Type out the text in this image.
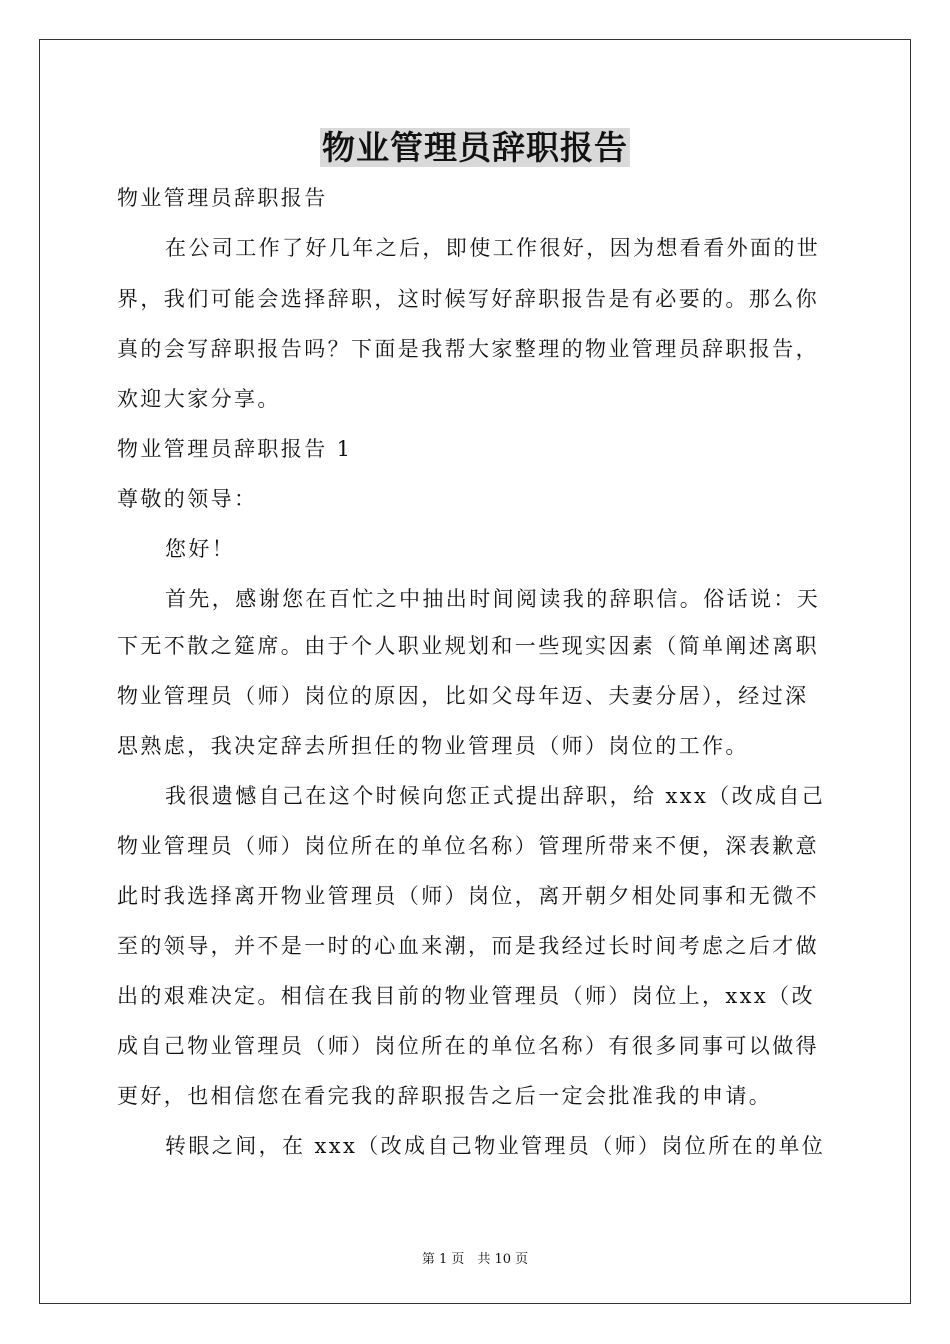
物业管理员辞职报告
物业管理员辞职报告
在公司工作了好几年之后，即使工作很好，因为想看看外面的世
界，我们可能会选择辞职，这时候写好辞职报告是有必要的。那么你
真的会写辞职报告吗？下面是我帮大家整理的物业管理员辞职报告，
欢迎大家分享。
物业管理员辞职报告 1
尊敬的领导：
您好！
首先，感谢您在百忙之中抽出时间阅读我的辞职信。俗话说：天
下无不散之筵席。由于个人职业规划和一些现实因素（简单阐述离职
物业管理员（师）岗位的原因，比如父母年迈、夫妻分居），经过深
思熟虑，我决定辞去所担任的物业管理员（师）岗位的工作。
我很遗憾自己在这个时候向您正式提出辞职，给 xxx（改成自己
物业管理员（师）岗位所在的单位名称）管理所带来不便，深表歉意
此时我选择离开物业管理员（师）岗位，离开朝夕相处同事和无微不
至的领导，并不是一时的心血来潮，而是我经过长时间考虑之后才做
出的艰难决定。相信在我目前的物业管理员（师）岗位上，xxx（改
成自己物业管理员（师）岗位所在的单位名称）有很多同事可以做得
更好，也相信您在看完我的辞职报告之后一定会批准我的申请。
转眼之间，在 xxx（改成自己物业管理员（师）岗位所在的单位
第 1 页　共 10 页
